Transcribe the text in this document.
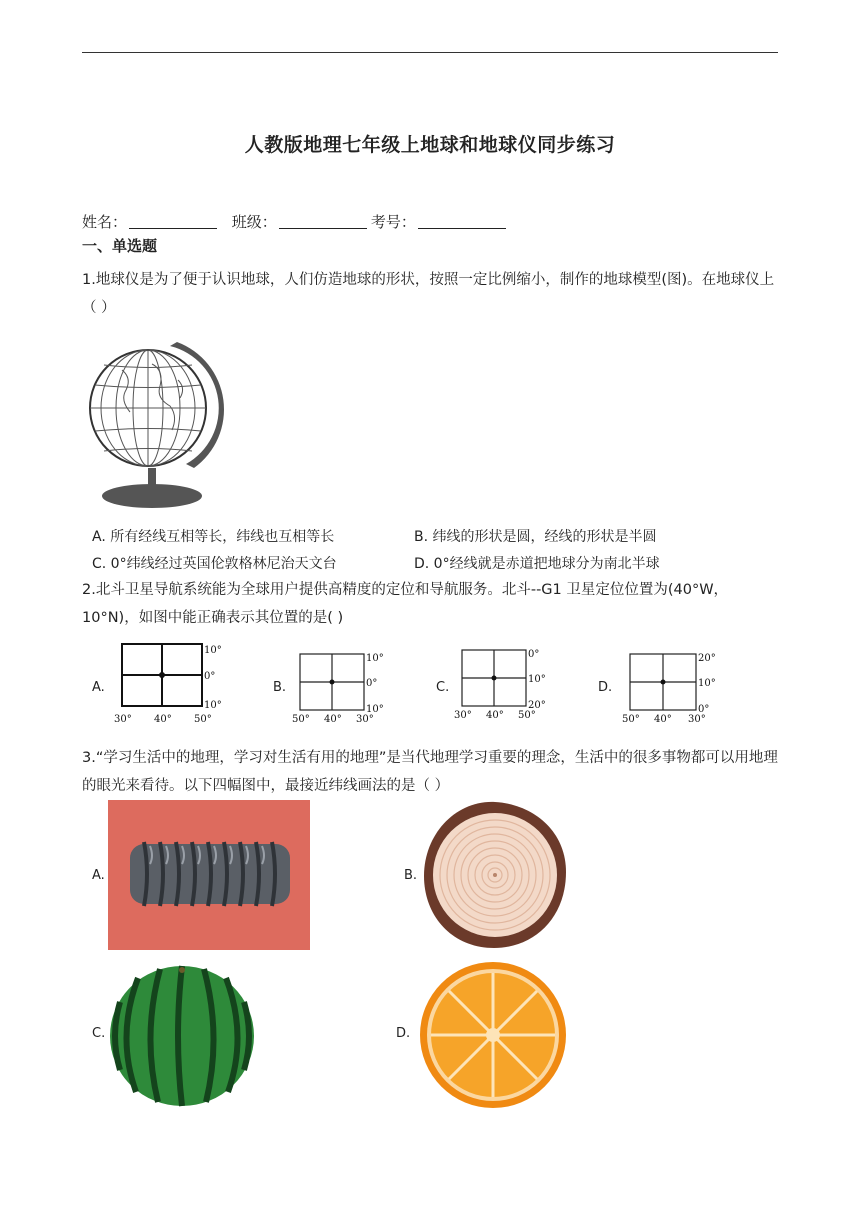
人教版地理七年级上地球和地球仪同步练习
姓名：	班级：	考号：
一、单选题
1.地球仪是为了便于认识地球，人们仿造地球的形状，按照一定比例缩小，制作的地球模型(图)。在地球仪上（ ）
A. 所有经线互相等长，纬线也互相等长	B. 纬线的形状是圆，经线的形状是半圆
C. 0°纬线经过英国伦敦格林尼治天文台	D. 0°经线就是赤道把地球分为南北半球
2.北斗卫星导航系统能为全球用户提供高精度的定位和导航服务。北斗--G1 卫星定位位置为(40°W，10°N)，如图中能正确表示其位置的是( )
A.
10°
0°
10°
30° 40° 50°
B.
10°
0°
10°
50° 40° 30°
C.
0°
10°
20°
30° 40° 50°
D.
20°
10°
0°
50° 40° 30°
3.“学习生活中的地理，学习对生活有用的地理”是当代地理学习重要的理念，生活中的很多事物都可以用地理的眼光来看待。以下四幅图中，最接近纬线画法的是（ ）
A.	B.
C.	D.
